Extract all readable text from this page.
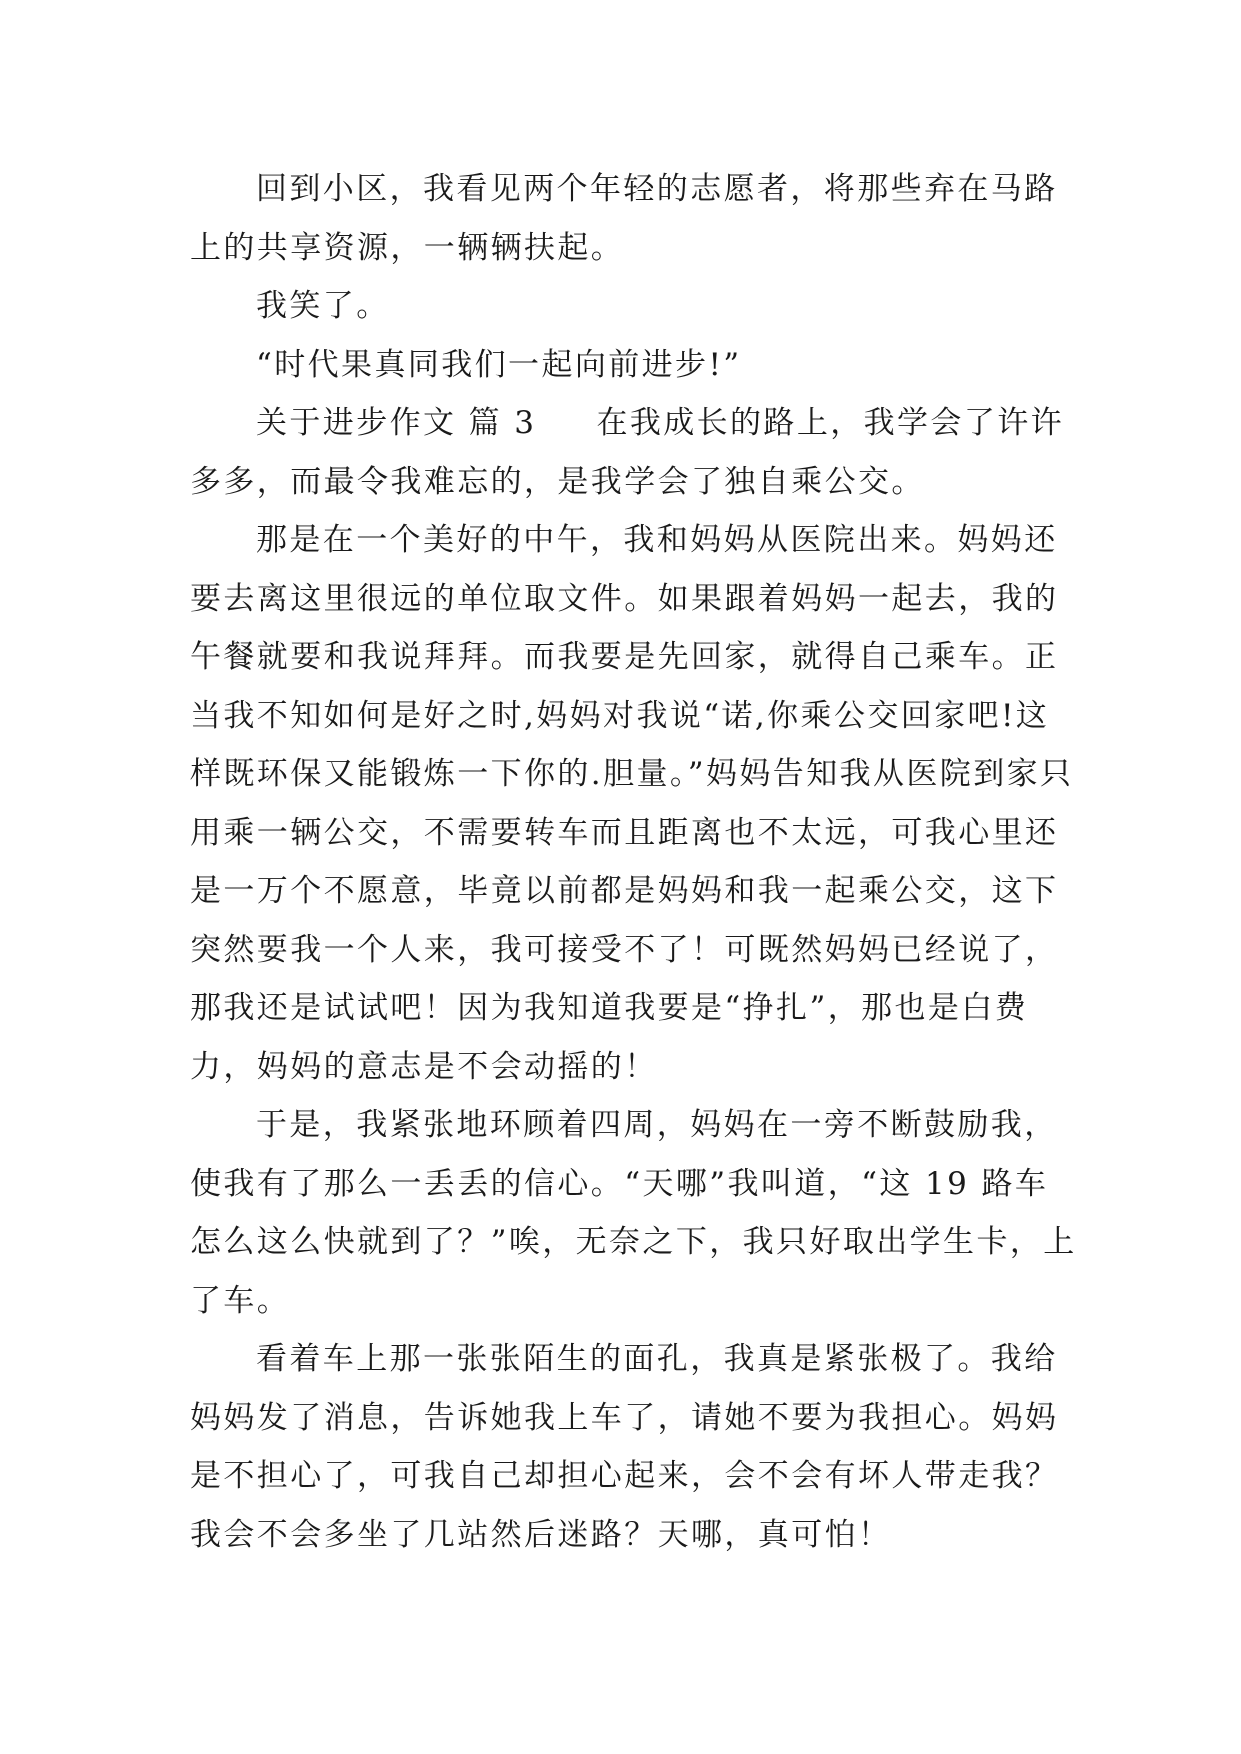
回到小区，我看见两个年轻的志愿者，将那些弃在马路上的共享资源，一辆辆扶起。

我笑了。

“时代果真同我们一起向前进步!”

关于进步作文 篇 3 在我成长的路上，我学会了许许多多，而最令我难忘的，是我学会了独自乘公交。

那是在一个美好的中午，我和妈妈从医院出来。妈妈还要去离这里很远的单位取文件。如果跟着妈妈一起去，我的午餐就要和我说拜拜。而我要是先回家，就得自己乘车。正当我不知如何是好之时,妈妈对我说“诺,你乘公交回家吧!这样既环保又能锻炼一下你的.胆量。”妈妈告知我从医院到家只用乘一辆公交，不需要转车而且距离也不太远，可我心里还是一万个不愿意，毕竟以前都是妈妈和我一起乘公交，这下突然要我一个人来，我可接受不了！可既然妈妈已经说了，那我还是试试吧！因为我知道我要是“挣扎”，那也是白费力，妈妈的意志是不会动摇的！

于是，我紧张地环顾着四周，妈妈在一旁不断鼓励我，使我有了那么一丢丢的信心。“天哪”我叫道，“这 19 路车怎么这么快就到了？”唉，无奈之下，我只好取出学生卡，上了车。

看着车上那一张张陌生的面孔，我真是紧张极了。我给妈妈发了消息，告诉她我上车了，请她不要为我担心。妈妈是不担心了，可我自己却担心起来，会不会有坏人带走我？我会不会多坐了几站然后迷路？天哪，真可怕！
